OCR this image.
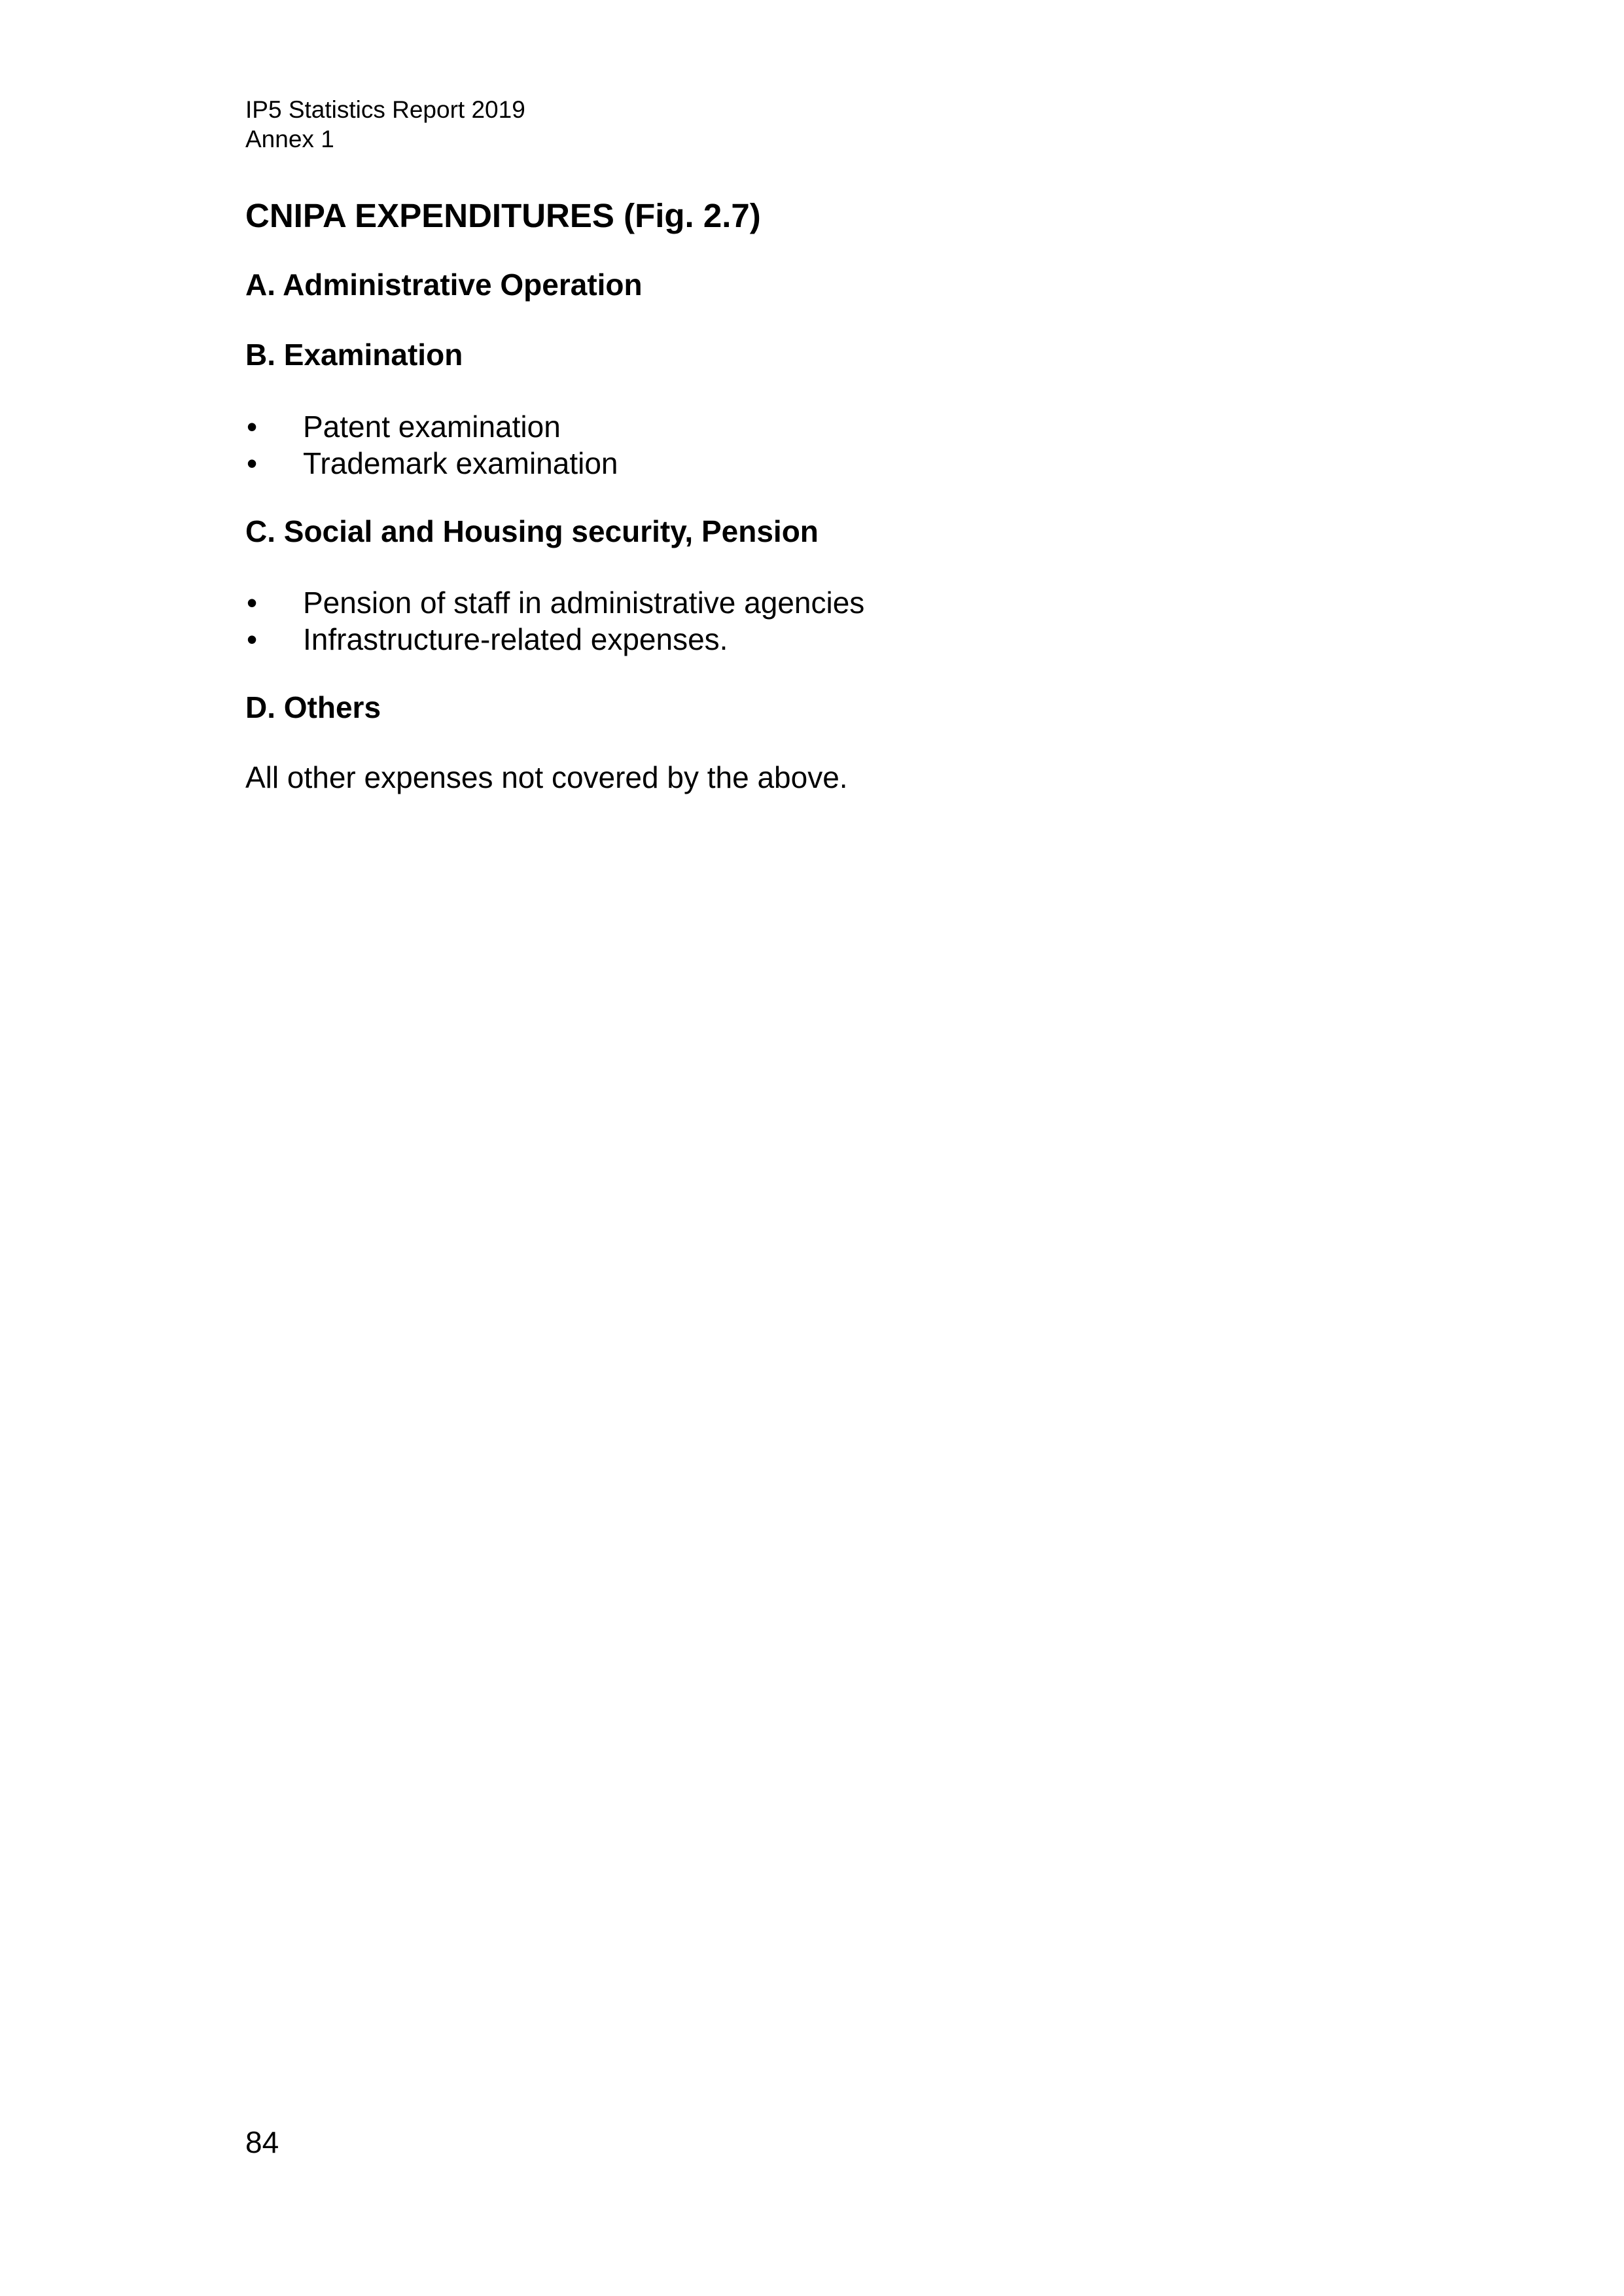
IP5 Statistics Report 2019
Annex 1
CNIPA EXPENDITURES (Fig. 2.7)
A. Administrative Operation
B. Examination
• Patent examination
• Trademark examination
C. Social and Housing security, Pension
• Pension of staff in administrative agencies
• Infrastructure-related expenses.
D. Others
All other expenses not covered by the above.
84
